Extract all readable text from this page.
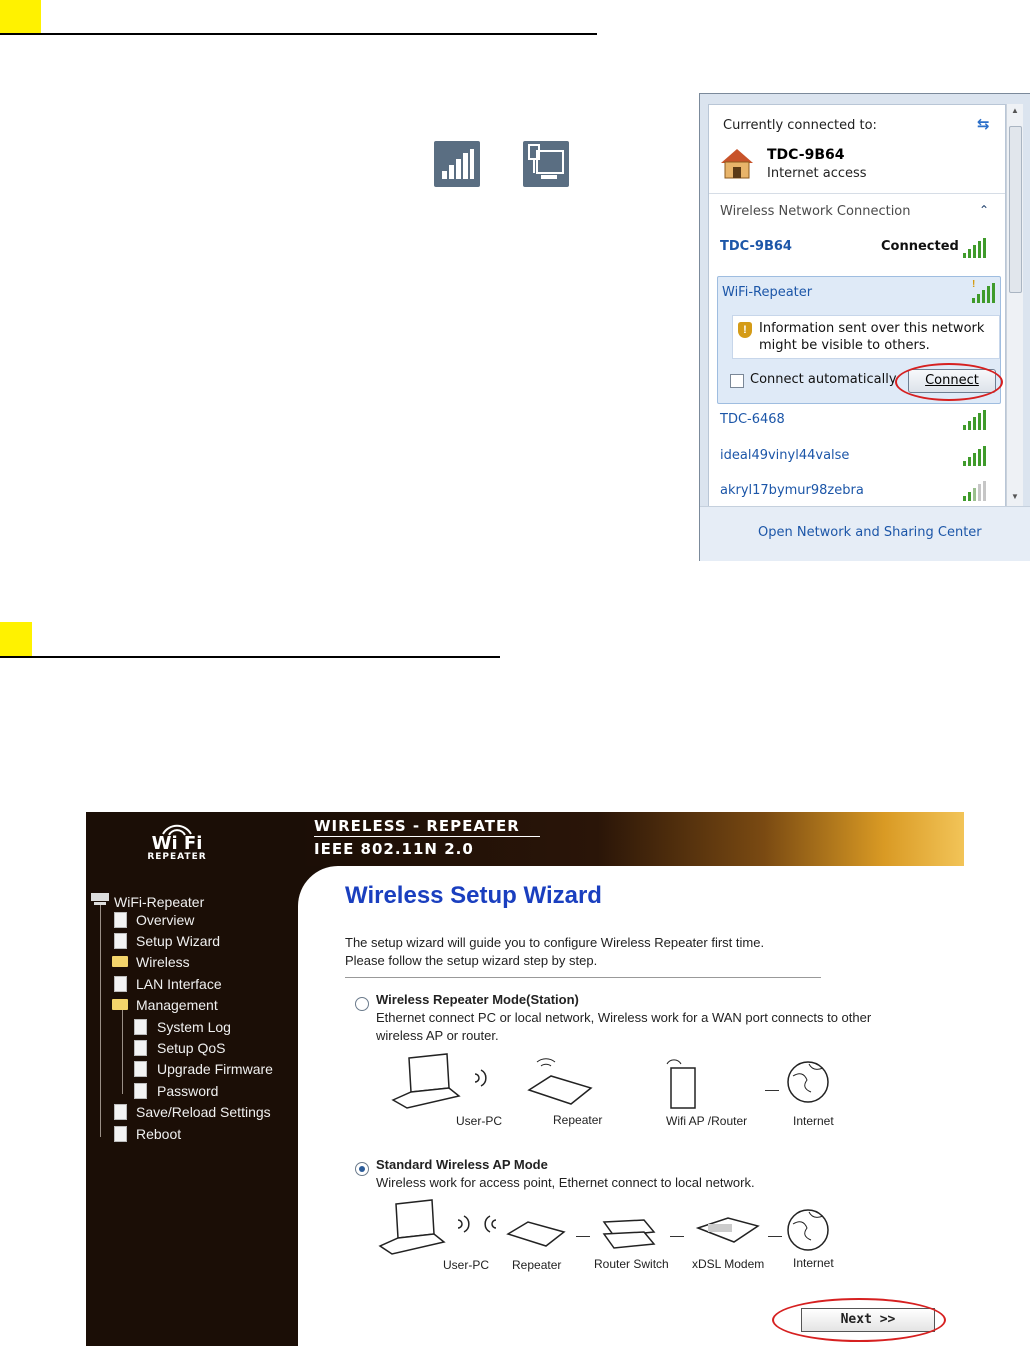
Currently connected to:	⇆
TDC-9B64
Internet access
Wireless Network Connection	⌃
TDC-9B64	Connected
WiFi-Repeater
!
! Information sent over this network might be visible to others.
Connect automatically	Connect
TDC-6468
ideal49vinyl44valse
akryl17bymur98zebra
▲
▼
Open Network and Sharing Center
Wi Fi
REPEATER
WiFi-Repeater
Overview
Setup Wizard
Wireless
LAN Interface
Management
System Log
Setup QoS
Upgrade Firmware
Password
Save/Reload Settings
Reboot
WIRELESS - REPEATER
IEEE 802.11N 2.0
Wireless Setup Wizard
The setup wizard will guide you to configure Wireless Repeater first time.
Please follow the setup wizard step by step.
Wireless Repeater Mode(Station)
Ethernet connect PC or local network, Wireless work for a WAN port connects to other
wireless AP or router.
User-PC	Repeater	Wifi AP /Router	Internet
Standard Wireless AP Mode
Wireless work for access point, Ethernet connect to local network.
User-PC Repeater	Router Switch xDSL Modem Internet
Next >>
